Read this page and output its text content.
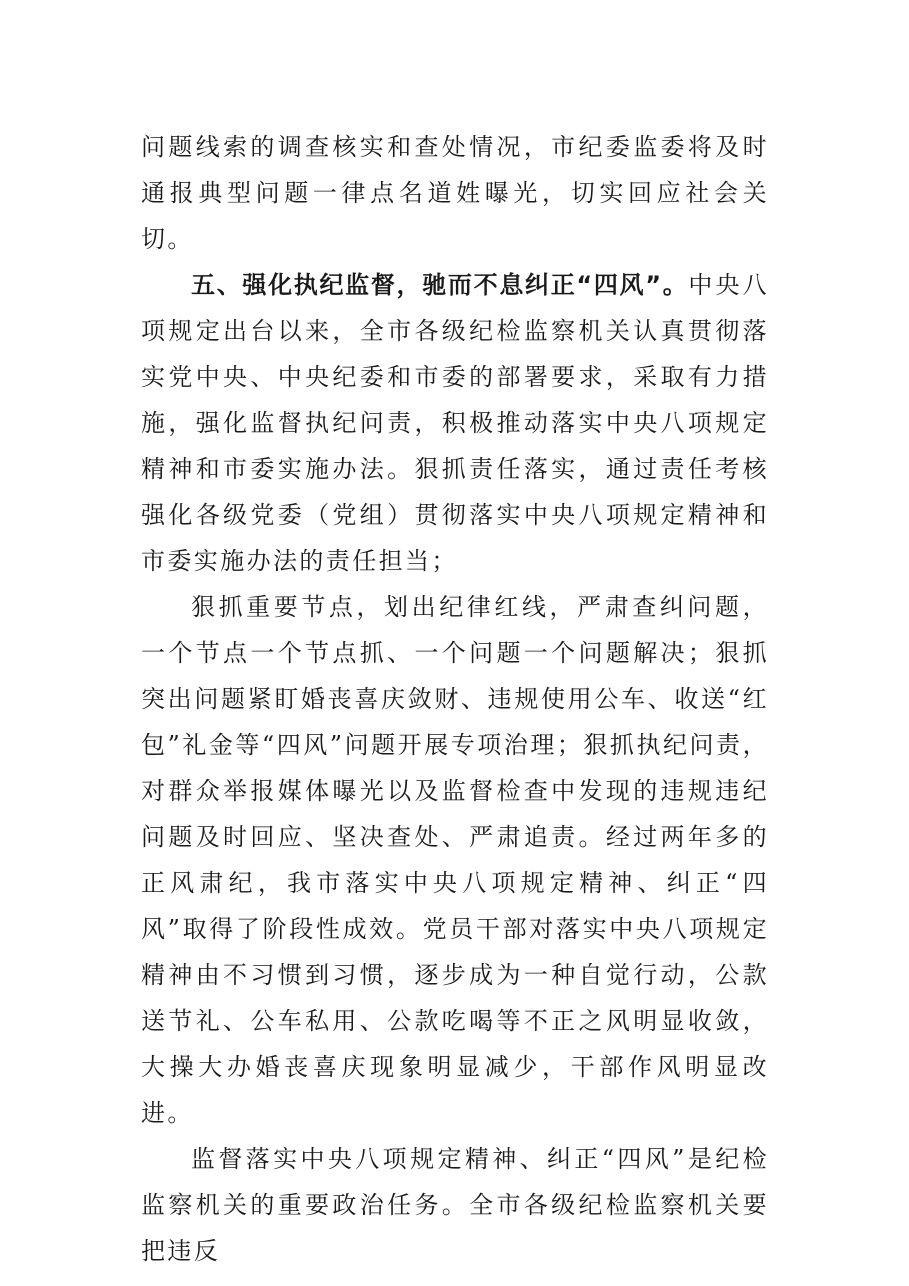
问题线索的调查核实和查处情况，市纪委监委将及时通报典型问题一律点名道姓曝光，切实回应社会关切。

五、强化执纪监督，驰而不息纠正“四风”。中央八项规定出台以来，全市各级纪检监察机关认真贯彻落实党中央、中央纪委和市委的部署要求，采取有力措施，强化监督执纪问责，积极推动落实中央八项规定精神和市委实施办法。狠抓责任落实，通过责任考核强化各级党委（党组）贯彻落实中央八项规定精神和市委实施办法的责任担当；

狠抓重要节点，划出纪律红线，严肃查纠问题，一个节点一个节点抓、一个问题一个问题解决；狠抓突出问题紧盯婚丧喜庆敛财、违规使用公车、收送“红包”礼金等“四风”问题开展专项治理；狠抓执纪问责，对群众举报媒体曝光以及监督检查中发现的违规违纪问题及时回应、坚决查处、严肃追责。经过两年多的正风肃纪，我市落实中央八项规定精神、纠正“四风”取得了阶段性成效。党员干部对落实中央八项规定精神由不习惯到习惯，逐步成为一种自觉行动，公款送节礼、公车私用、公款吃喝等不正之风明显收敛，大操大办婚丧喜庆现象明显减少，干部作风明显改进。

监督落实中央八项规定精神、纠正“四风”是纪检监察机关的重要政治任务。全市各级纪检监察机关要把违反
